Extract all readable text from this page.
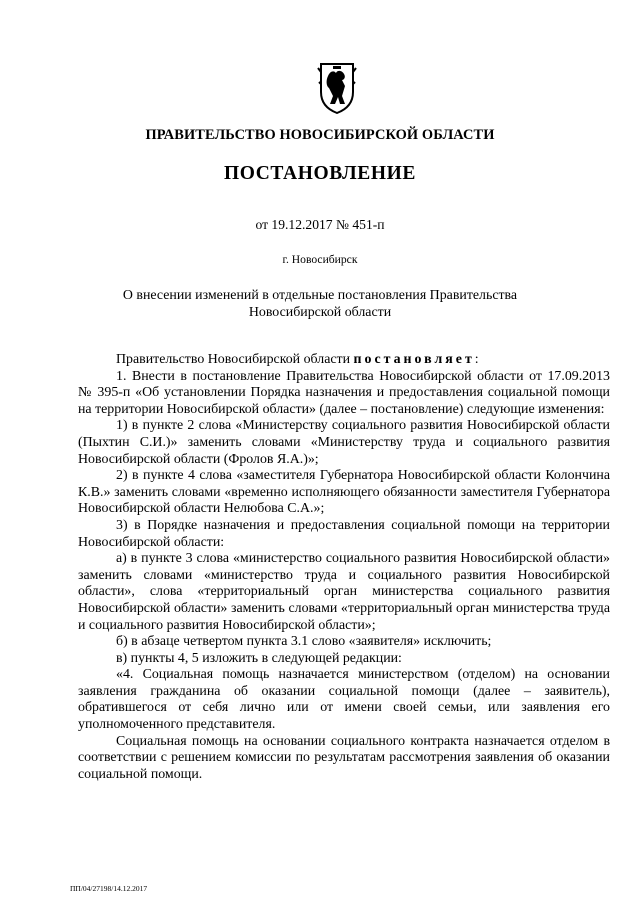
ПРАВИТЕЛЬСТВО НОВОСИБИРСКОЙ ОБЛАСТИ
ПОСТАНОВЛЕНИЕ
от 19.12.2017 № 451-п
г. Новосибирск
О внесении изменений в отдельные постановления Правительства Новосибирской области

Правительство Новосибирской области постановляет:

1. Внести в постановление Правительства Новосибирской области от 17.09.2013 № 395-п «Об установлении Порядка назначения и предоставления социальной помощи на территории Новосибирской области» (далее – постановление) следующие изменения:

1) в пункте 2 слова «Министерству социального развития Новосибирской области (Пыхтин С.И.)» заменить словами «Министерству труда и социального развития Новосибирской области (Фролов Я.А.)»;

2) в пункте 4 слова «заместителя Губернатора Новосибирской области Колончина К.В.» заменить словами «временно исполняющего обязанности заместителя Губернатора Новосибирской области Нелюбова С.А.»;

3) в Порядке назначения и предоставления социальной помощи на территории Новосибирской области:

а) в пункте 3 слова «министерство социального развития Новосибирской области» заменить словами «министерство труда и социального развития Новосибирской области», слова «территориальный орган министерства социального развития Новосибирской области» заменить словами «территориальный орган министерства труда и социального развития Новосибирской области»;

б) в абзаце четвертом пункта 3.1 слово «заявителя» исключить;

в) пункты 4, 5 изложить в следующей редакции:

«4. Социальная помощь назначается министерством (отделом) на основании заявления гражданина об оказании социальной помощи (далее – заявитель), обратившегося от себя лично или от имени своей семьи, или заявления его уполномоченного представителя.

Социальная помощь на основании социального контракта назначается отделом в соответствии с решением комиссии по результатам рассмотрения заявления об оказании социальной помощи.

ПП/04/27198/14.12.2017
